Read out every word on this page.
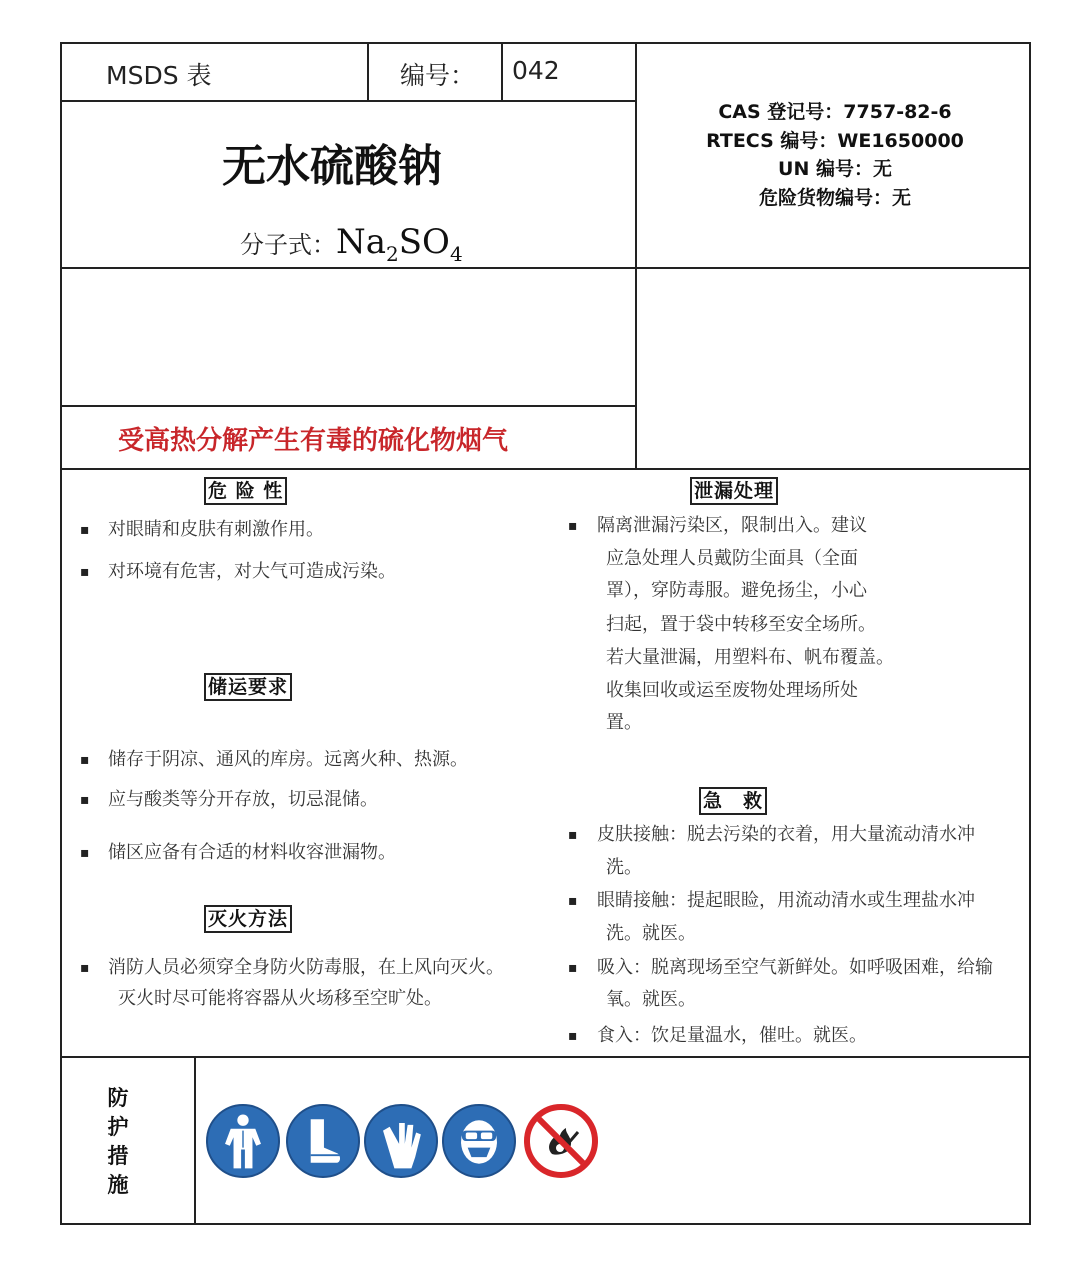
MSDS 表	编号： 042
无水硫酸钠
分子式：$Na_2SO_4$
CAS 登记号：7757-82-6
RTECS 编号：WE1650000
UN 编号：无
危险货物编号：无
受高热分解产生有毒的硫化物烟气
危 险 性
▪ 对眼睛和皮肤有刺激作用。
▪ 对环境有危害，对大气可造成污染。
储运要求
▪ 储存于阴凉、通风的库房。远离火种、热源。
▪ 应与酸类等分开存放，切忌混储。
▪ 储区应备有合适的材料收容泄漏物。
灭火方法
▪ 消防人员必须穿全身防火防毒服，在上风向灭火。
灭火时尽可能将容器从火场移至空旷处。
泄漏处理
▪ 隔离泄漏污染区，限制出入。建议
应急处理人员戴防尘面具（全面
罩），穿防毒服。避免扬尘，小心
扫起，置于袋中转移至安全场所。
若大量泄漏，用塑料布、帆布覆盖。
收集回收或运至废物处理场所处
置。
急　救
▪ 皮肤接触：脱去污染的衣着，用大量流动清水冲
洗。
▪ 眼睛接触：提起眼睑，用流动清水或生理盐水冲
洗。就医。
▪ 吸入：脱离现场至空气新鲜处。如呼吸困难，给输
氧。就医。
▪ 食入：饮足量温水，催吐。就医。
防
护
措
施
